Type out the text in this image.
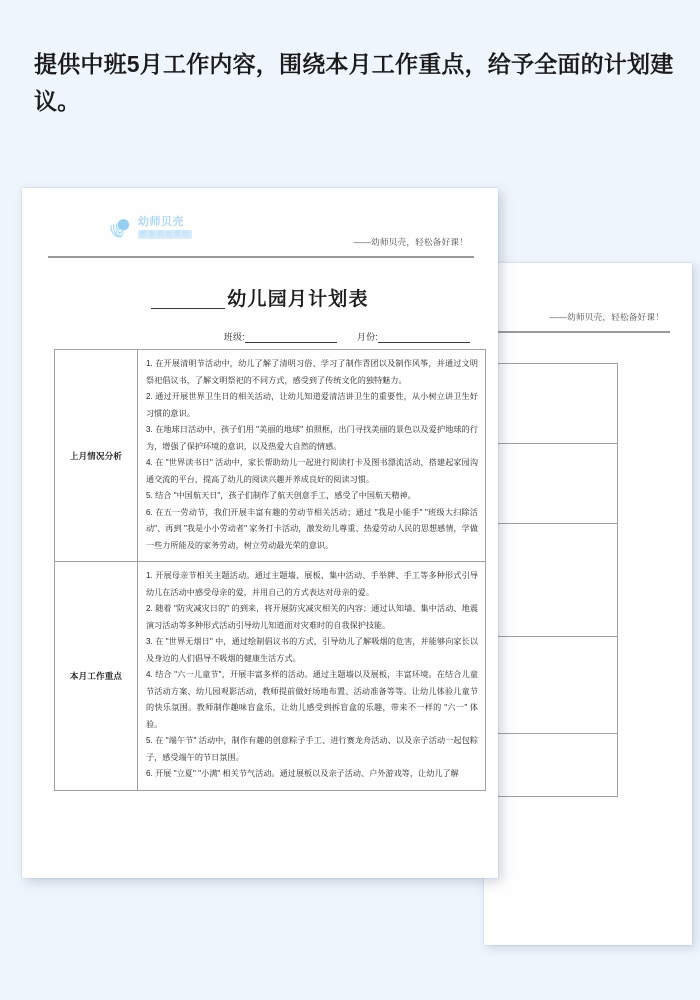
提供中班5月工作内容，围绕本月工作重点，给予全面的计划建议。
——幼师贝壳，轻松备好课！

幼师贝壳
教案活动课程
——幼师贝壳，轻松备好课！
幼儿园月计划表
班级:	月份:
上月情况分析	
1. 在开展清明节活动中，幼儿了解了清明习俗、学习了制作青团以及制作风筝，并通过文明祭祀倡议书，了解文明祭祀的不同方式，感受到了传统文化的独特魅力。
2. 通过开展世界卫生日的相关活动，让幼儿知道爱清洁讲卫生的重要性，从小树立讲卫生好习惯的意识。
3. 在地球日活动中，孩子们用 "美丽的地球" 拍照框，出门寻找美丽的景色以及爱护地球的行为，增强了保护环境的意识，以及热爱大自然的情感。
4. 在 "世界读书日" 活动中，家长帮助幼儿一起进行阅读打卡及图书漂流活动，搭建起家园沟通交流的平台，提高了幼儿的阅读兴趣并养成良好的阅读习惯。
5. 结合 "中国航天日"，孩子们制作了航天创意手工，感受了中国航天精神。
6. 在五一劳动节，我们开展丰富有趣的劳动节相关活动；通过 "我是小能手" "班级大扫除活动"、再到 "我是小小劳动者" 家务打卡活动，激发幼儿尊重、热爱劳动人民的思想感情，学做一些力所能及的家务劳动，树立劳动最光荣的意识。

本月工作重点	
1. 开展母亲节相关主题活动。通过主题墙、展板、集中活动、手举牌、手工等多种形式引导幼儿在活动中感受母亲的爱，并用自己的方式表达对母亲的爱。
2. 随着 "防灾减灾日的" 的到来，将开展防灾减灾相关的内容；通过认知墙、集中活动、地震演习活动等多种形式活动引导幼儿知道面对灾难时的自我保护技能。
3. 在 "世界无烟日" 中，通过绘制倡议书的方式，引导幼儿了解吸烟的危害，并能够向家长以及身边的人们倡导不吸烟的健康生活方式。
4. 结合 "六一儿童节"，开展丰富多样的活动。通过主题墙以及展板，丰富环境。在结合儿童节活动方案、幼儿园观影活动，教师提前做好场地布置、活动准备等等。让幼儿体验儿童节的快乐氛围。教师制作趣味盲盒乐，让幼儿感受到拆盲盒的乐趣，带来不一样的 "六一" 体验。
5. 在 "端午节" 活动中，制作有趣的创意粽子手工、进行赛龙舟活动、以及亲子活动一起包粽子，感受端午的节日氛围。
6. 开展 "立夏" "小满" 相关节气活动。通过展板以及亲子活动、户外游戏等，让幼儿了解
